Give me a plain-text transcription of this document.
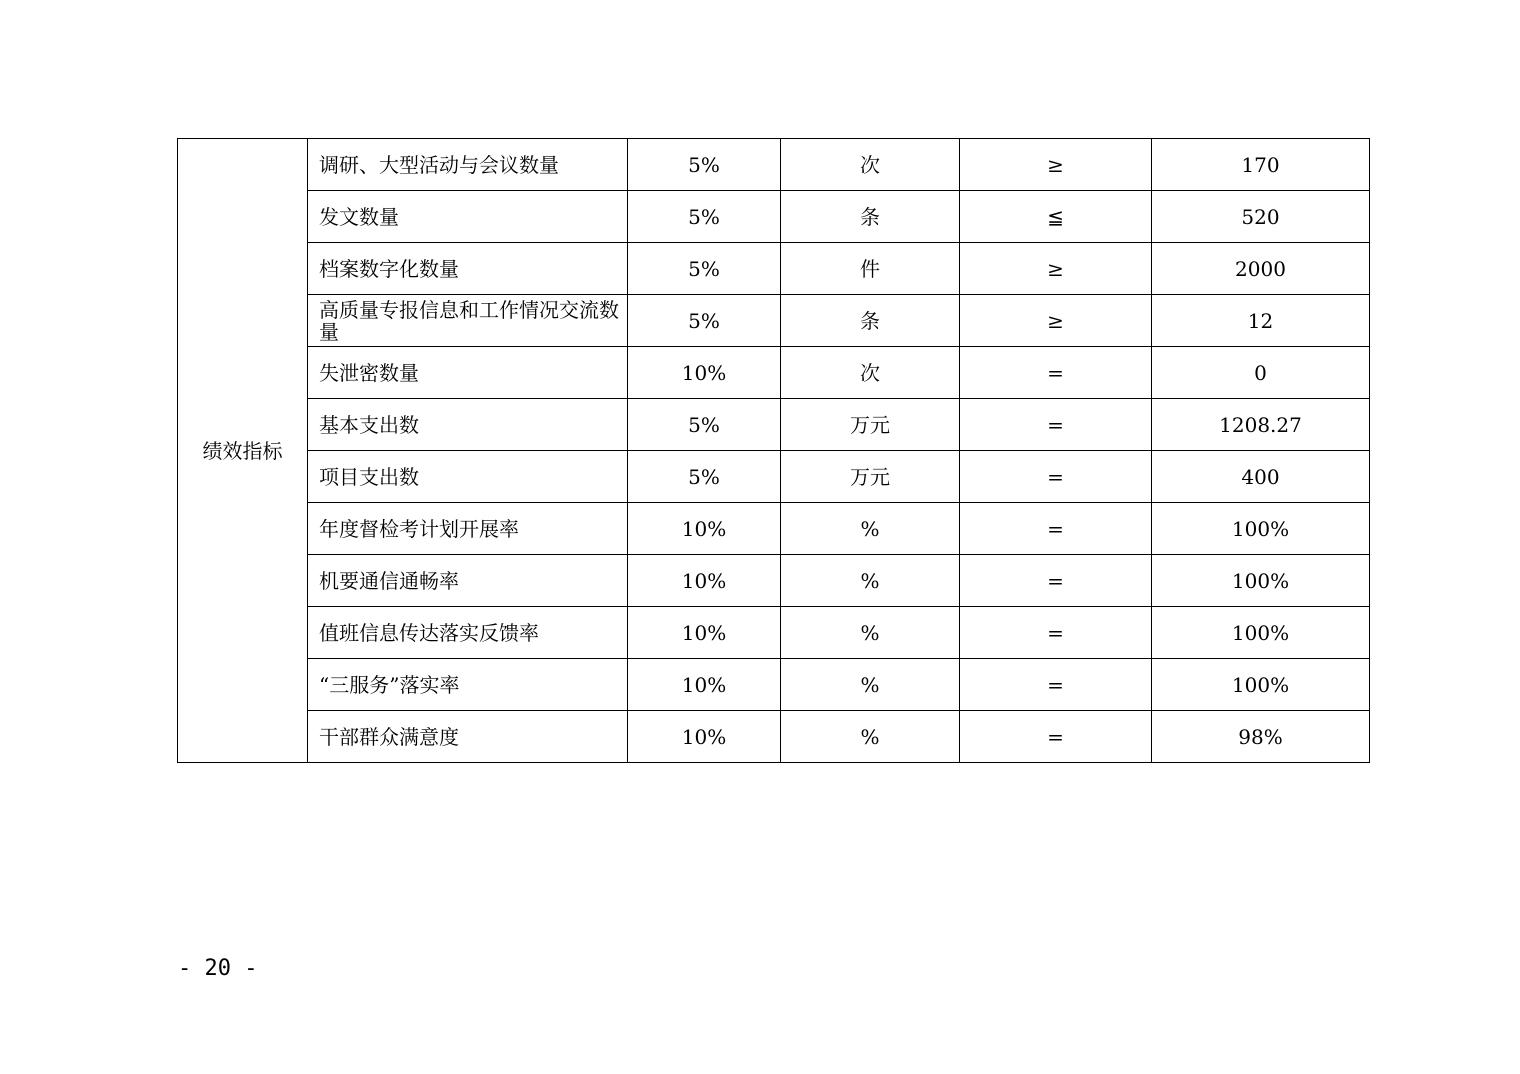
绩效指标	调研、大型活动与会议数量	5%	次	≥	170
	发文数量	5%	条	≦	520
	档案数字化数量	5%	件	≥	2000
	高质量专报信息和工作情况交流数量	5%	条	≥	12
	失泄密数量	10%	次	=	0
	基本支出数	5%	万元	=	1208.27
	项目支出数	5%	万元	=	400
	年度督检考计划开展率	10%	%	=	100%
	机要通信通畅率	10%	%	=	100%
	值班信息传达落实反馈率	10%	%	=	100%
	“三服务”落实率	10%	%	=	100%
	干部群众满意度	10%	%	=	98%
- 20 -
